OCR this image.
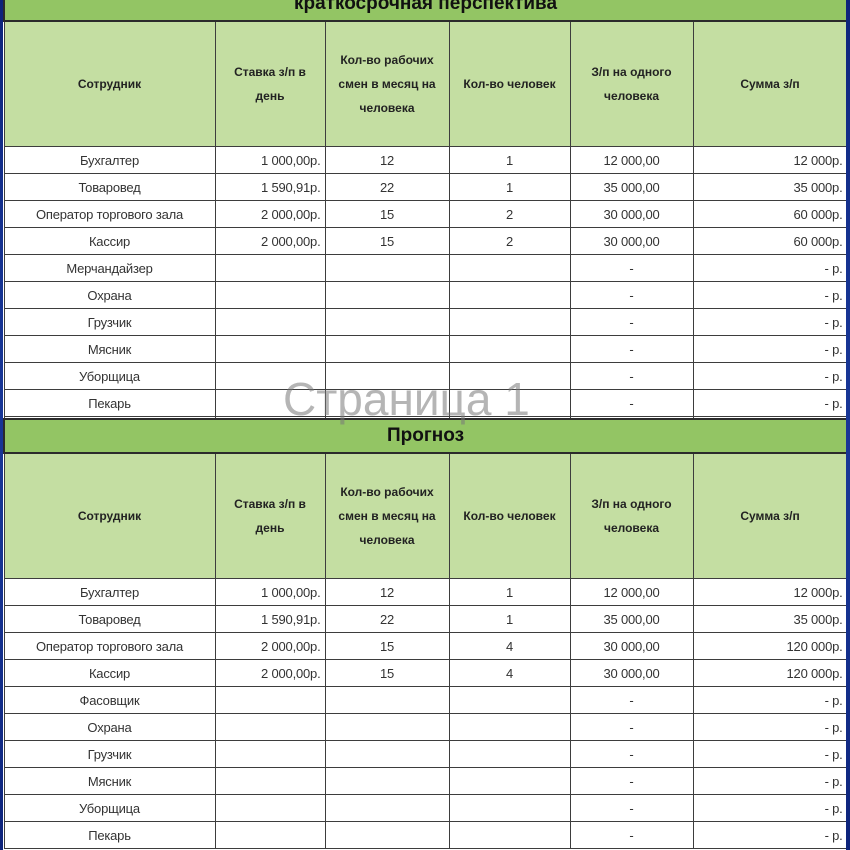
краткосрочная перспектива					
Сотрудник	Ставка з/п в день	Кол-во рабочих смен в месяц на человека	Кол-во человек	З/п на одного человека	Сумма з/п
Бухгалтер	1 000,00р.	12	1	12 000,00	12 000р.
Товаровед	1 590,91р.	22	1	35 000,00	35 000р.
Оператор торгового зала	2 000,00р.	15	2	30 000,00	60 000р.
Кассир	2 000,00р.	15	2	30 000,00	60 000р.
Мерчандайзер				-	- р.
Охрана				-	- р.
Грузчик				-	- р.
Мясник				-	- р.
Уборщица				-	- р.
Пекарь				-	- р.

Прогноз					
Сотрудник	Ставка з/п в день	Кол-во рабочих смен в месяц на человека	Кол-во человек	З/п на одного человека	Сумма з/п
Бухгалтер	1 000,00р.	12	1	12 000,00	12 000р.
Товаровед	1 590,91р.	22	1	35 000,00	35 000р.
Оператор торгового зала	2 000,00р.	15	4	30 000,00	120 000р.
Кассир	2 000,00р.	15	4	30 000,00	120 000р.
Фасовщик				-	- р.
Охрана				-	- р.
Грузчик				-	- р.
Мясник				-	- р.
Уборщица				-	- р.
Пекарь				-	- р.
Страница 1
